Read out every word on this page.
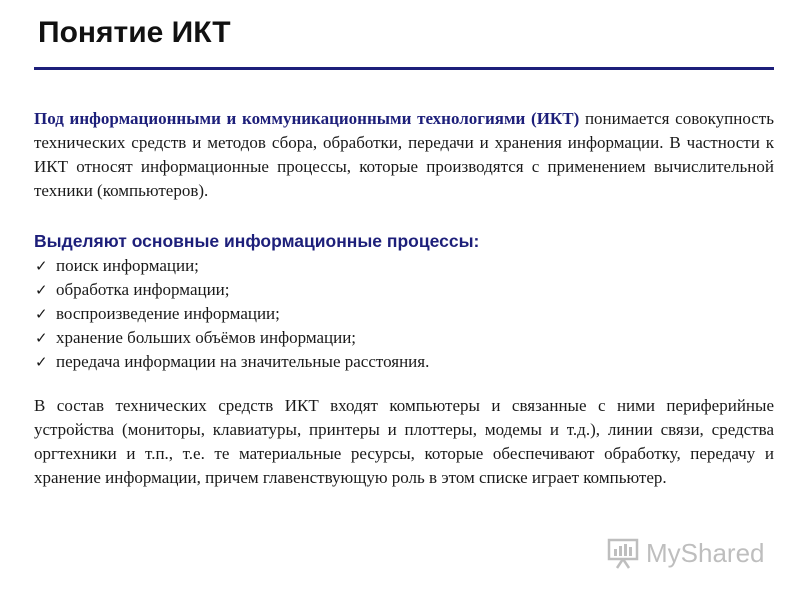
Понятие ИКТ

Под информационными и коммуникационными технологиями (ИКТ) понимается совокупность технических средств и методов сбора, обработки, передачи и хранения информации. В частности к ИКТ относят информационные процессы, которые производятся с применением вычислительной техники (компьютеров).

Выделяют основные информационные процессы:
✓ поиск информации;
✓ обработка информации;
✓ воспроизведение информации;
✓ хранение больших объёмов информации;
✓ передача информации на значительные расстояния.

В состав технических средств ИКТ входят компьютеры и связанные с ними периферийные устройства (мониторы, клавиатуры, принтеры и плоттеры, модемы и т.д.), линии связи, средства оргтехники и т.п., т.е. те материальные ресурсы, которые обеспечивают обработку, передачу и хранение информации, причем главенствующую роль в этом списке играет компьютер.

MyShared
